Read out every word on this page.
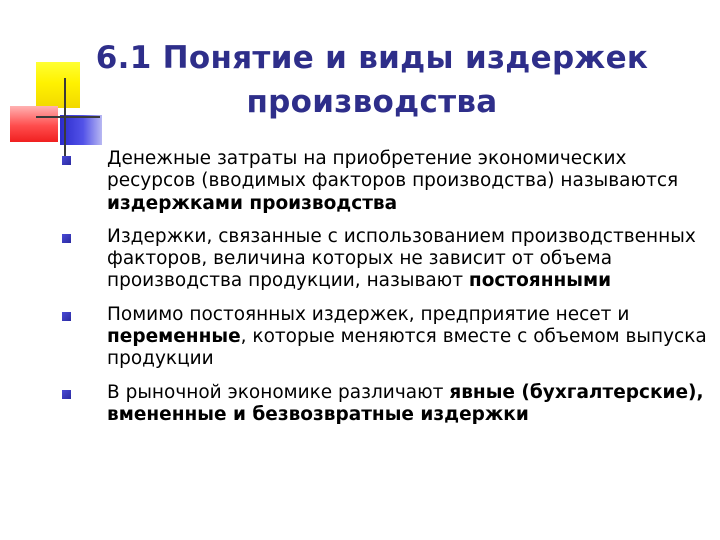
6.1 Понятие и виды издержек
производства
Денежные затраты на приобретение экономических ресурсов (вводимых факторов производства) называются издержками производства
Издержки, связанные с использованием производственных факторов, величина которых не зависит от объема производства продукции, называют постоянными
Помимо постоянных издержек, предприятие несет и переменные, которые меняются вместе с объемом выпуска продукции
В рыночной экономике различают явные (бухгалтерские), вмененные и безвозвратные издержки
